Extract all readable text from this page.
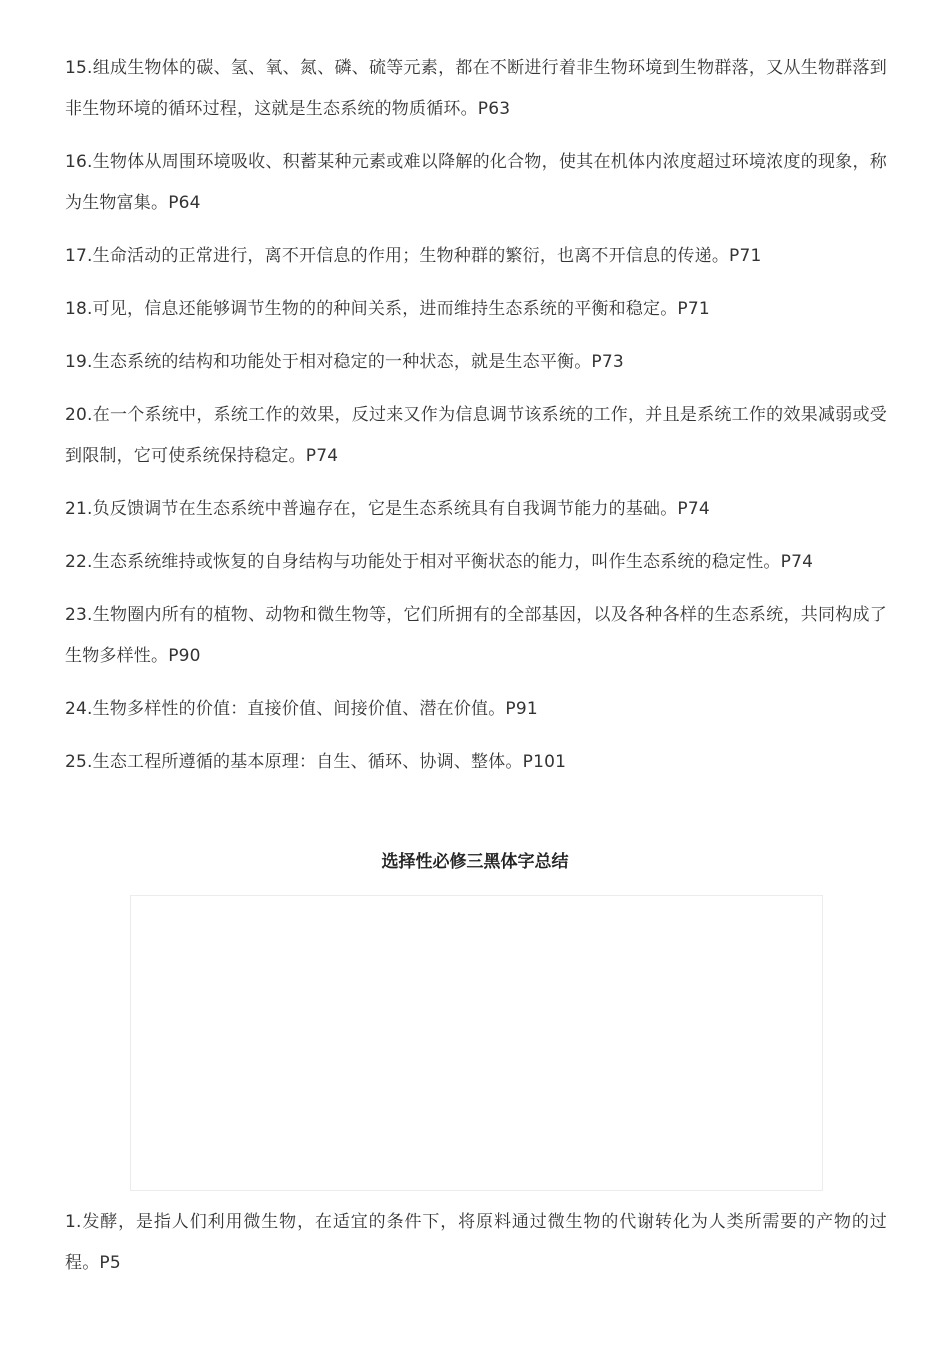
15.组成生物体的碳、氢、氧、氮、磷、硫等元素，都在不断进行着非生物环境到生物群落，又从生物群落到非生物环境的循环过程，这就是生态系统的物质循环。P63

16.生物体从周围环境吸收、积蓄某种元素或难以降解的化合物，使其在机体内浓度超过环境浓度的现象，称为生物富集。P64

17.生命活动的正常进行，离不开信息的作用；生物种群的繁衍，也离不开信息的传递。P71

18.可见，信息还能够调节生物的的种间关系，进而维持生态系统的平衡和稳定。P71

19.生态系统的结构和功能处于相对稳定的一种状态，就是生态平衡。P73

20.在一个系统中，系统工作的效果，反过来又作为信息调节该系统的工作，并且是系统工作的效果减弱或受到限制，它可使系统保持稳定。P74

21.负反馈调节在生态系统中普遍存在，它是生态系统具有自我调节能力的基础。P74

22.生态系统维持或恢复的自身结构与功能处于相对平衡状态的能力，叫作生态系统的稳定性。P74

23.生物圈内所有的植物、动物和微生物等，它们所拥有的全部基因，以及各种各样的生态系统，共同构成了生物多样性。P90

24.生物多样性的价值：直接价值、间接价值、潜在价值。P91

25.生态工程所遵循的基本原理：自生、循环、协调、整体。P101

选择性必修三黑体字总结

1.发酵，是指人们利用微生物，在适宜的条件下，将原料通过微生物的代谢转化为人类所需要的产物的过程。P5
